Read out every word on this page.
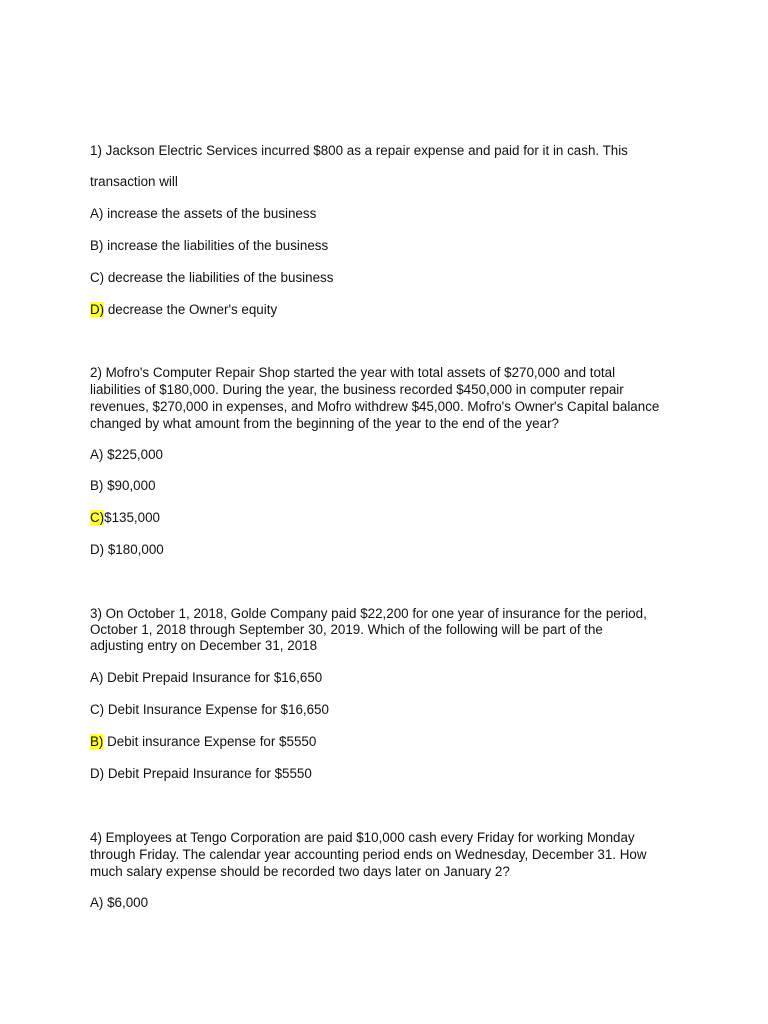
1) Jackson Electric Services incurred $800 as a repair expense and paid for it in cash. This
transaction will
A) increase the assets of the business
B) increase the liabilities of the business
C) decrease the liabilities of the business
D) decrease the Owner's equity
2) Mofro's Computer Repair Shop started the year with total assets of $270,000 and total
liabilities of $180,000. During the year, the business recorded $450,000 in computer repair
revenues, $270,000 in expenses, and Mofro withdrew $45,000. Mofro's Owner's Capital balance
changed by what amount from the beginning of the year to the end of the year?
A) $225,000
B) $90,000
C)$135,000
D) $180,000
3) On October 1, 2018, Golde Company paid $22,200 for one year of insurance for the period,
October 1, 2018 through September 30, 2019. Which of the following will be part of the
adjusting entry on December 31, 2018
A) Debit Prepaid Insurance for $16,650
C) Debit Insurance Expense for $16,650
B) Debit insurance Expense for $5550
D) Debit Prepaid Insurance for $5550
4) Employees at Tengo Corporation are paid $10,000 cash every Friday for working Monday
through Friday. The calendar year accounting period ends on Wednesday, December 31. How
much salary expense should be recorded two days later on January 2?
A) $6,000
